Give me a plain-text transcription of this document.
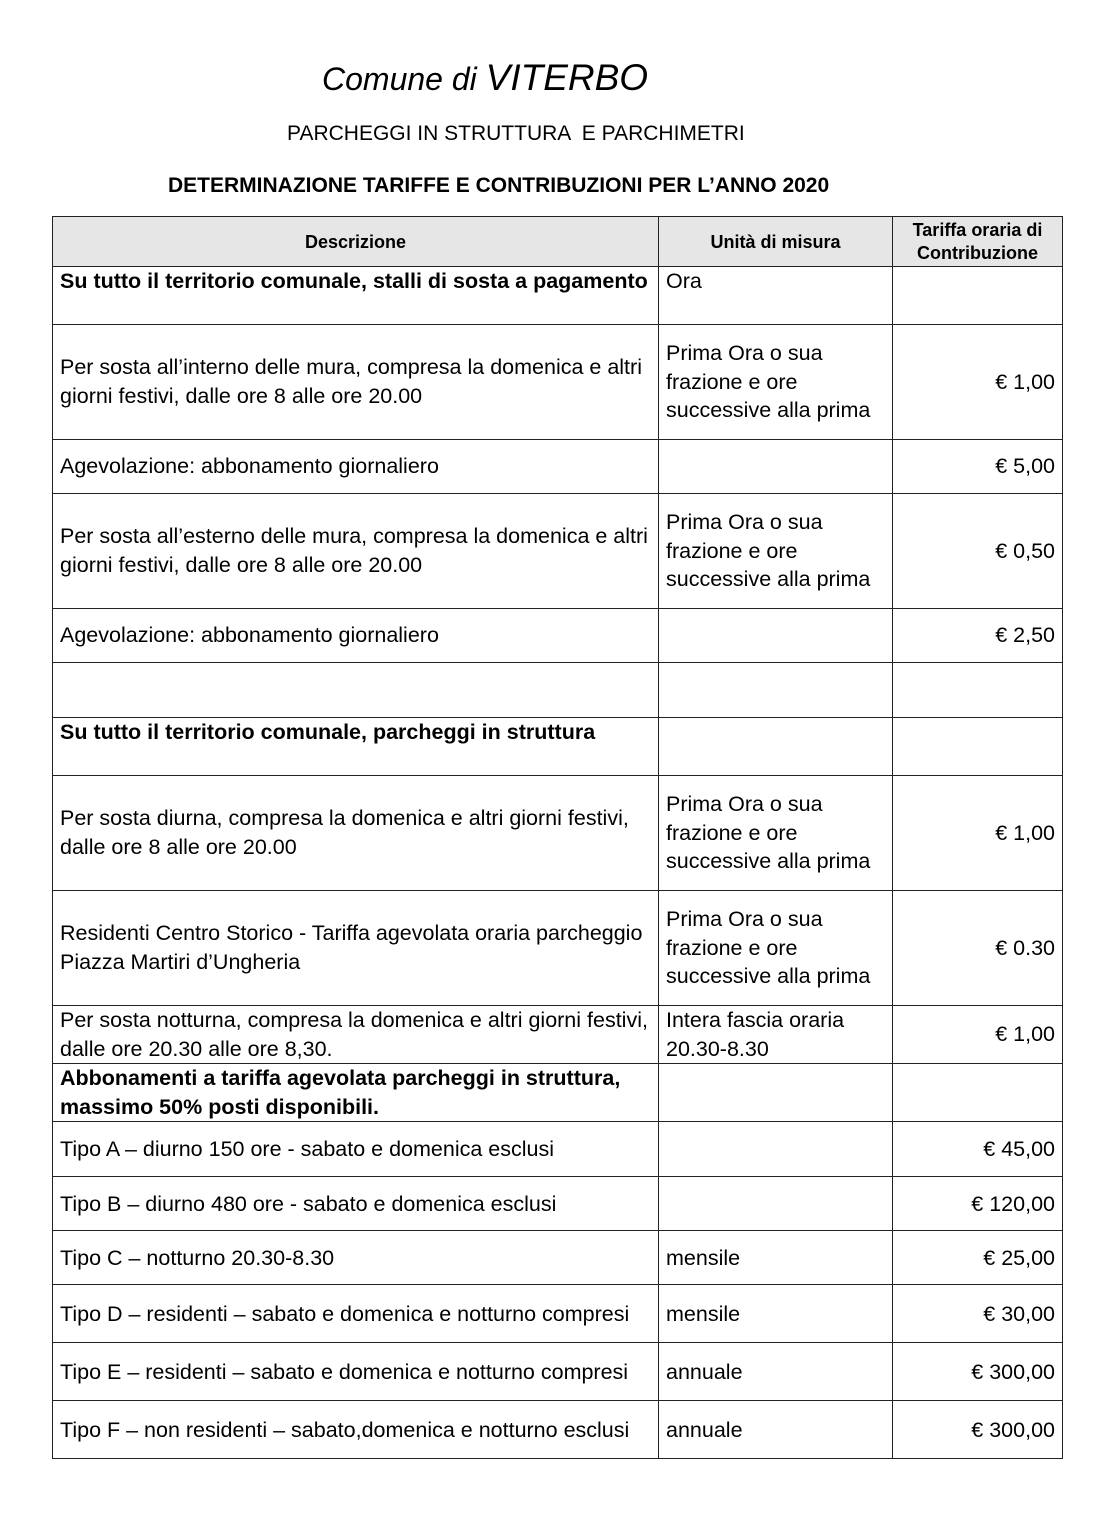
Comune di VITERBO
PARCHEGGI IN STRUTTURA  E PARCHIMETRI
DETERMINAZIONE TARIFFE E CONTRIBUZIONI PER L’ANNO 2020
Descrizione	Unità di misura	Tariffa oraria di
Contribuzione
Su tutto il territorio comunale, stalli di sosta a pagamento	Ora	
Per sosta all’interno delle mura, compresa la domenica e altri giorni festivi, dalle ore 8 alle ore 20.00	Prima Ora o sua frazione e ore successive alla prima	€ 1,00
Agevolazione: abbonamento giornaliero		€ 5,00
Per sosta all’esterno delle mura, compresa la domenica e altri giorni festivi, dalle ore 8 alle ore 20.00	Prima Ora o sua frazione e ore successive alla prima	€ 0,50
Agevolazione: abbonamento giornaliero		€ 2,50

Su tutto il territorio comunale, parcheggi in struttura		
Per sosta diurna, compresa la domenica e altri giorni festivi, dalle ore 8 alle ore 20.00	Prima Ora o sua frazione e ore successive alla prima	€ 1,00
Residenti Centro Storico - Tariffa agevolata oraria parcheggio Piazza Martiri d’Ungheria	Prima Ora o sua frazione e ore successive alla prima	€ 0.30
Per sosta notturna, compresa la domenica e altri giorni festivi, dalle ore 20.30 alle ore 8,30.	Intera fascia oraria 20.30-8.30	€ 1,00
Abbonamenti a tariffa agevolata parcheggi in struttura, massimo 50% posti disponibili.		
Tipo A – diurno 150 ore - sabato e domenica esclusi		€ 45,00
Tipo B – diurno 480 ore - sabato e domenica esclusi		€ 120,00
Tipo C – notturno 20.30-8.30	mensile	€ 25,00
Tipo D – residenti – sabato e domenica e notturno compresi	mensile	€ 30,00
Tipo E – residenti – sabato e domenica e notturno compresi	annuale	€ 300,00
Tipo F – non residenti – sabato,domenica e notturno esclusi	annuale	€ 300,00
